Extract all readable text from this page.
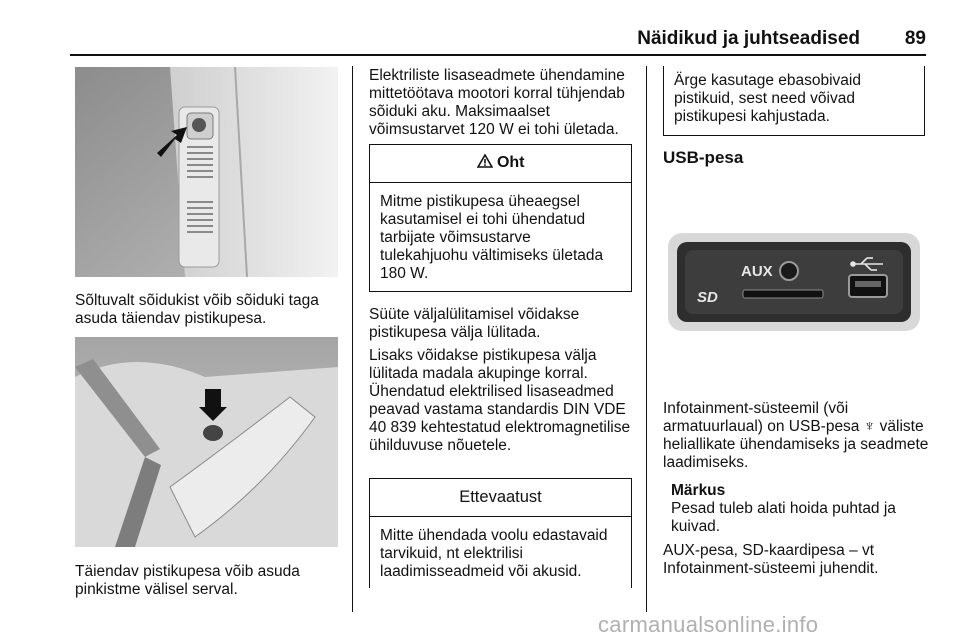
Näidikud ja juhtseadised	89
Sõltuvalt sõidukist võib sõiduki taga asuda täiendav pistikupesa.
Täiendav pistikupesa võib asuda pinkistme välisel serval.
Elektriliste lisaseadmete ühendamine mittetöötava mootori korral tühjendab sõiduki aku. Maksimaalset võimsustarvet 120 W ei tohi ületada.
Oht
Mitme pistikupesa üheaegsel kasutamisel ei tohi ühendatud tarbijate võimsustarve tulekahjuohu vältimiseks ületada 180 W.
Süüte väljalülitamisel võidakse pistikupesa välja lülitada.
Lisaks võidakse pistikupesa välja lülitada madala akupinge korral.
Ühendatud elektrilised lisaseadmed peavad vastama standardis DIN VDE 40 839 kehtestatud elektromagnetilise ühilduvuse nõuetele.
Ettevaatust
Mitte ühendada voolu edastavaid tarvikuid, nt elektrilisi laadimisseadmeid või akusid.
Ärge kasutage ebasobivaid pistikuid, sest need võivad pistikupesi kahjustada.
USB-pesa
AUX
SD
Infotainment-süsteemil (või armatuurlaual) on USB-pesa ♆ väliste heliallikate ühendamiseks ja seadmete laadimiseks.
Märkus
Pesad tuleb alati hoida puhtad ja kuivad.
AUX-pesa, SD-kaardipesa – vt Infotainment-süsteemi juhendit.
carmanualsonline.info
